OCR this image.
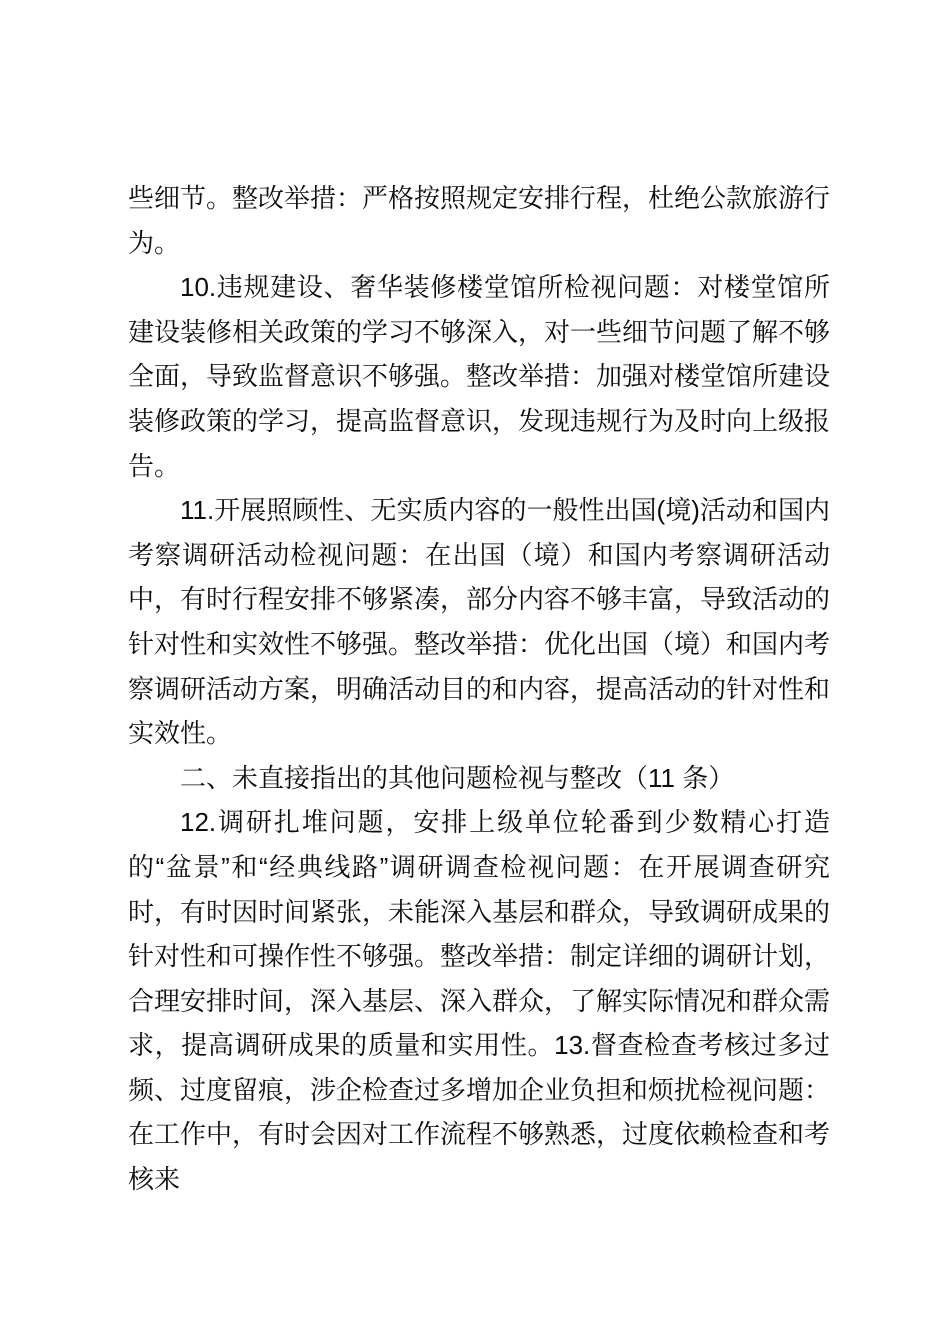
些细节。整改举措：严格按照规定安排行程，杜绝公款旅游行为。

10.违规建设、奢华装修楼堂馆所检视问题：对楼堂馆所建设装修相关政策的学习不够深入，对一些细节问题了解不够全面，导致监督意识不够强。整改举措：加强对楼堂馆所建设装修政策的学习，提高监督意识，发现违规行为及时向上级报告。

11.开展照顾性、无实质内容的一般性出国(境)活动和国内考察调研活动检视问题：在出国（境）和国内考察调研活动中，有时行程安排不够紧凑，部分内容不够丰富，导致活动的针对性和实效性不够强。整改举措：优化出国（境）和国内考察调研活动方案，明确活动目的和内容，提高活动的针对性和实效性。

二、未直接指出的其他问题检视与整改（11 条）

12.调研扎堆问题，安排上级单位轮番到少数精心打造的“盆景”和“经典线路”调研调查检视问题：在开展调查研究时，有时因时间紧张，未能深入基层和群众，导致调研成果的针对性和可操作性不够强。整改举措：制定详细的调研计划，合理安排时间，深入基层、深入群众，了解实际情况和群众需求，提高调研成果的质量和实用性。13.督查检查考核过多过频、过度留痕，涉企检查过多增加企业负担和烦扰检视问题：在工作中，有时会因对工作流程不够熟悉，过度依赖检查和考核来
